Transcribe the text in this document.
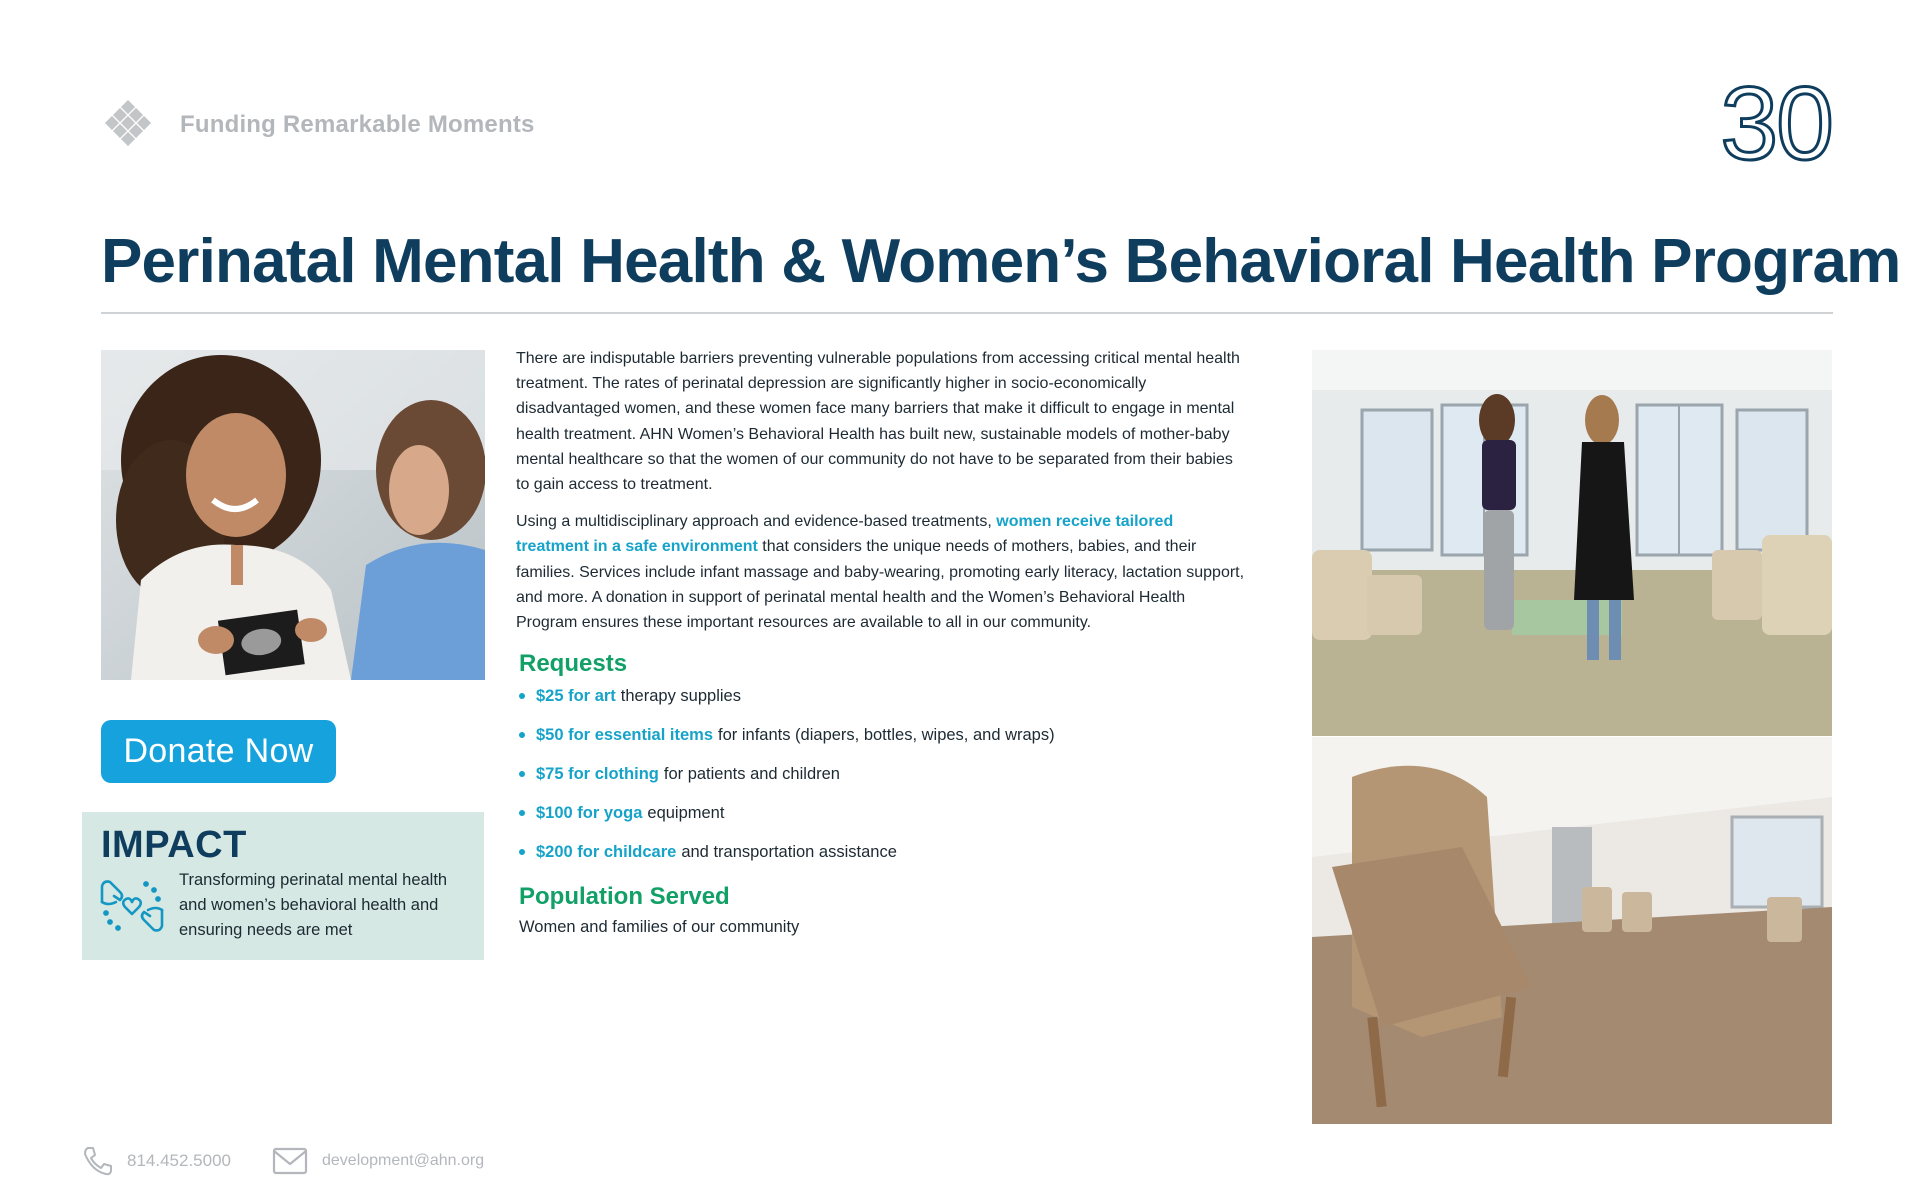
Funding Remarkable Moments	30
Perinatal Mental Health & Women’s Behavioral Health Program
Donate Now
IMPACT
Transforming perinatal mental health and women’s behavioral health and ensuring needs are met

There are indisputable barriers preventing vulnerable populations from accessing critical mental health treatment. The rates of perinatal depression are significantly higher in socio-economically disadvantaged women, and these women face many barriers that make it difficult to engage in mental health treatment. AHN Women’s Behavioral Health has built new, sustainable models of mother-baby mental healthcare so that the women of our community do not have to be separated from their babies to gain access to treatment.

Using a multidisciplinary approach and evidence-based treatments, women receive tailored treatment in a safe environment that considers the unique needs of mothers, babies, and their families. Services include infant massage and baby-wearing, promoting early literacy, lactation support, and more. A donation in support of perinatal mental health and the Women’s Behavioral Health Program ensures these important resources are available to all in our community.

Requests
$25 for art therapy supplies
$50 for essential items for infants (diapers, bottles, wipes, and wraps)
$75 for clothing for patients and children
$100 for yoga equipment
$200 for childcare and transportation assistance
Population Served
Women and families of our community
814.452.5000	development@ahn.org
